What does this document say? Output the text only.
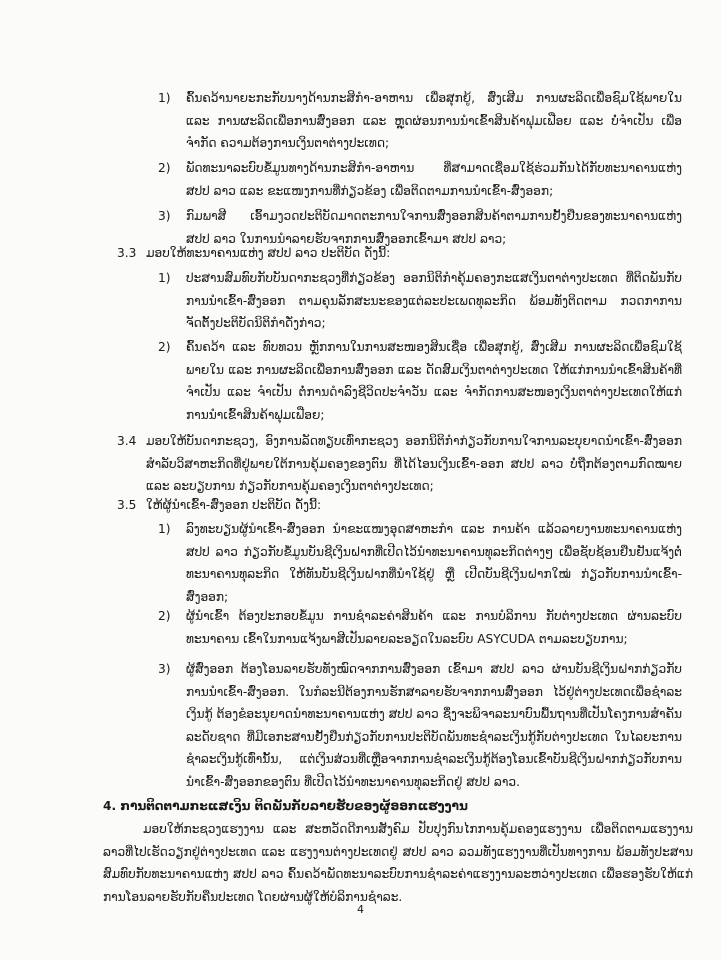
1) ຄົ້ນຄວ້ານາຍະກະກັບນາງດ້ານກະສິກຳ-ອາຫານ ເພື່ອສຸກຍູ້, ສົ່ງເສີມ ການຜະລິດເພື່ອຊົມໃຊ້ພາຍໃນ ແລະ ການຜະລິດເພື່ອການສົ່ງອອກ ແລະ ຫຼຸດຜ່ອນການນຳເຂົ້າສິນຄ້າຟຸມເຟືອຍ ແລະ ບໍ່ຈຳເປັນ ເພື່ອຈຳກັດ ຄວາມຕ້ອງການເງິນຕາຕ່າງປະເທດ;
2) ພັດທະນາລະບົບຂໍ້ມູນທາງດ້ານກະສິກຳ-ອາຫານ ທີ່ສາມາດເຊື່ອມໃຊ້ຮ່ວມກັນໄດ້ກັບທະນາຄານແຫ່ງ ສປປ ລາວ ແລະ ຂະແໜງການທີ່ກ່ຽວຂ້ອງ ເພື່ອຕິດຕາມການນຳເຂົ້າ-ສົ່ງອອກ;
3) ກົມພາສີ ເອົ້າມງວດປະຕິບັດມາດຕະການໃຈການສົ່ງອອກສິນຄ້າຕາມການຢັ້ງຢືນຂອງທະນາຄານແຫ່ງ ສປປ ລາວ ໃນການນຳລາຍຮັບຈາກການສົ່ງອອກເຂົ້າມາ ສປປ ລາວ;
3.3 ມອບໃຫ້ທະນາຄານແຫ່ງ ສປປ ລາວ ປະຕິບັດ ດັ່ງນີ້:
1) ປະສານສົມທົບກັບບັນດາກະຊວງທີ່ກ່ຽວຂ້ອງ ອອກນິຕິກຳຄຸ້ມຄອງກະແສເງິນຕາຕ່າງປະເທດ ທີ່ຕິດພັນກັບການນຳເຂົ້າ-ສົ່ງອອກ ຕາມຄຸນລັກສະນະຂອງແຕ່ລະປະເພດທຸລະກິດ ພ້ອມທັງຕິດຕາມ ກວດກາການຈັດຕັ້ງປະຕິບັດນິຕິກຳດັ່ງກ່າວ;
2) ຄົ້ນຄວ້າ ແລະ ທົບທວນ ຫຼັກການໃນການສະໜອງສິນເຊື່ອ ເພື່ອສຸກຍູ້, ສົ່ງເສີມ ການຜະລິດເພື່ອຊົມໃຊ້ພາຍໃນ ແລະ ການຜະລິດເພື່ອການສົ່ງອອກ ແລະ ດັດສົມເງິນຕາຕ່າງປະເທດ ໃຫ້ແກ່ການນຳເຂົ້າສິນຄ້າທີ່ຈຳເປັນ ແລະ ຈຳເປັນ ຕໍ່ການດຳລົງຊີວິດປະຈຳວັນ ແລະ ຈຳກັດການສະໜອງເງິນຕາຕ່າງປະເທດໃຫ້ແກ່ການນຳເຂົ້າສິນຄ້າຟຸມເຟືອຍ;
3.4 ມອບໃຫ້ບັນດາກະຊວງ, ອົງການລັດທຽບເທົ່າກະຊວງ ອອກນິຕິກຳກ່ຽວກັບການໃຈການລະບຸຍາດນຳເຂົ້າ-ສົ່ງອອກ ສຳລັບວິສາຫະກິດທີ່ຢູ່ພາຍໃຕ້ການຄຸ້ມຄອງຂອງຕົນ ທີ່ໄດ້ໄອນເງິນເຂົ້າ-ອອກ ສປປ ລາວ ບໍ່ຖືກຕ້ອງຕາມກົດໝາຍ ແລະ ລະບຽບການ ກ່ຽວກັບການຄຸ້ມຄອງເງິນຕາຕ່າງປະເທດ;
3.5 ໃຫ້ຜູ້ນຳເຂົ້າ-ສົ່ງອອກ ປະຕິບັດ ດັ່ງນີ້:
1) ລົງທະບຽນຜູ້ນຳເຂົ້າ-ສົ່ງອອກ ນຳຂະແໜງອຸດສາຫະກຳ ແລະ ການຄ້າ ແລ້ວລາຍງານທະນາຄານແຫ່ງ ສປປ ລາວ ກ່ຽວກັບຂໍ້ມູນບັນຊີເງິນຝາກທີ່ເປີດໄວ້ນຳທະນາຄານທຸລະກິດຕ່າງໆ ເພື່ອຊັບຊ້ອນຢືນຢັນແຈ້ງຕໍ່ທະນາຄານທຸລະກິດ ໃຫ້ທັນບັນຊີເງິນຝາກທີ່ນຳໃຊ້ຢູ່ ຫຼື ເປີດບັນຊີເງິນຝາກໃໝ່ ກ່ຽວກັບການນຳເຂົ້າ-ສົ່ງອອກ;
2) ຜູ້ນຳເຂົ້າ ຕ້ອງປະກອບຂໍ້ມູນ ການຊຳລະຄ່າສິນຄ້າ ແລະ ການບໍລິການ ກັບຕ່າງປະເທດ ຜ່ານລະບົບທະນາຄານ ເຂົ້າໃນການແຈ້ງພາສີເປັນລາຍລະອຽດໃນລະບົບ ASYCUDA ຕາມລະບຽບການ;
3) ຜູ້ສົ່ງອອກ ຕ້ອງໂອນລາຍຮັບທັງໝົດຈາກການສົ່ງອອກ ເຂົ້າມາ ສປປ ລາວ ຜ່ານບັນຊີເງິນຝາກກ່ຽວກັບການນຳເຂົ້າ-ສົ່ງອອກ. ໃນກໍລະນີຕ້ອງການຮັກສາລາຍຮັບຈາກການສົ່ງອອກ ໄວ້ຢູ່ຕ່າງປະເທດເພື່ອຊຳລະເງິນກູ້ ຕ້ອງຂໍອະນຸຍາດນຳທະນາຄານແຫ່ງ ສປປ ລາວ ຊຶ່ງຈະພິຈາລະນາບົນພື້ນຖານທີ່ເປັນໂຄງການສຳຄັນລະດັບຊາດ ທີ່ມີເອກະສານຢັ້ງຢືນກ່ຽວກັບການປະຕິບັດພັນທະຊຳລະເງິນກູ້ກັບຕ່າງປະເທດ ໃນໄລຍະການຊຳລະເງິນກູ້ເທົ່ານັ້ນ, ແຕ່ເງິນສ່ວນທີ່ເຫຼືອຈາກການຊຳລະເງິນກູ້ຕ້ອງໂອນເຂົ້າບັນຊີເງິນຝາກກ່ຽວກັບການນຳເຂົ້າ-ສົ່ງອອກຂອງຕົນ ທີ່ເປີດໄວ້ນຳທະນາຄານທຸລະກິດຢູ່ ສປປ ລາວ.
4. ການຕິດຕາມກະແສເງິນ ຕິດພັນກັບລາຍຮັບຂອງຜູ້ອອກແຮງງານ
ມອບໃຫ້ກະຊວງແຮງງານ ແລະ ສະຫວັດດີການສັງຄົມ ປັບປຸງກົນໄກການຄຸ້ມຄອງແຮງງານ ເພື່ອຕິດຕາມແຮງງານລາວທີ່ໄປເຮັດວຽກຢູ່ຕ່າງປະເທດ ແລະ ແຮງງານຕ່າງປະເທດຢູ່ ສປປ ລາວ ລວມທັງແຮງງານທີ່ເປັນທາງການ ພ້ອມທັງປະສານສົມທົບກັບທະນາຄານແຫ່ງ ສປປ ລາວ ຄົ້ນຄວ້າພັດທະນາລະບົບການຊຳລະຄ່າແຮງງານລະຫວ່າງປະເທດ ເພື່ອຮອງຮັບໃຫ້ແກ່ການໂອນລາຍຮັບກັບຄືນປະເທດ ໂດຍຜ່ານຜູ້ໃຫ້ບໍລິການຊຳລະ.
4
